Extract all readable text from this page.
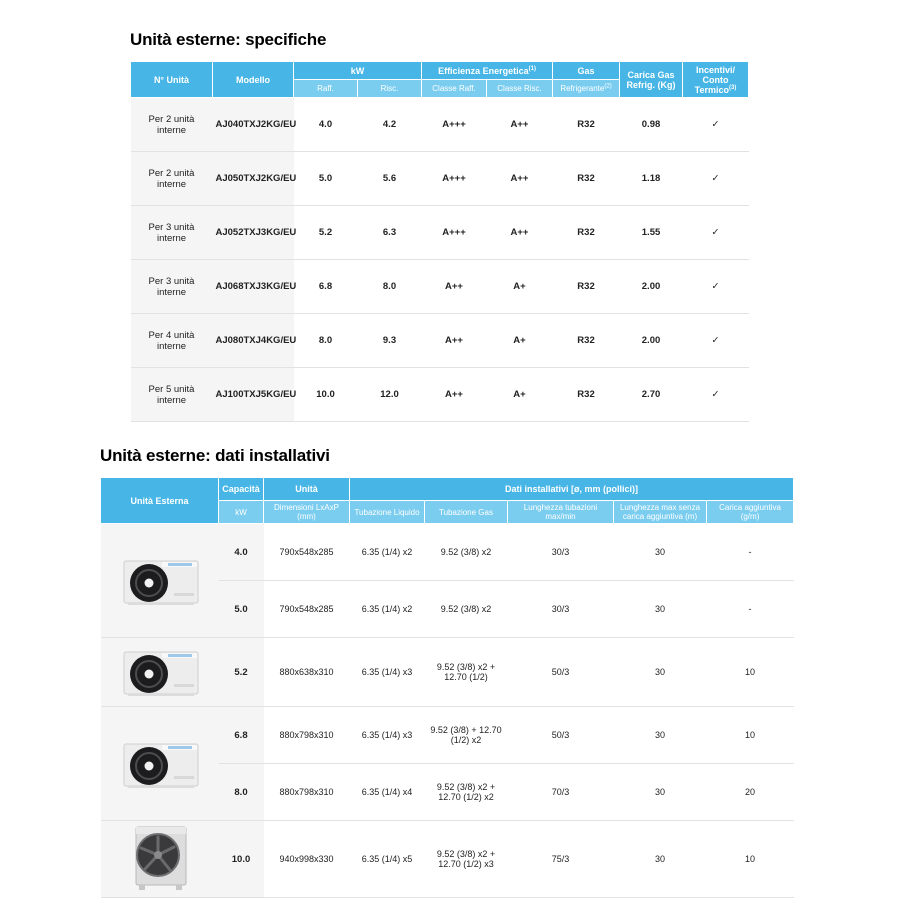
Unità esterne: specifiche
N° Unità	Modello	kW		Efficienza Energetica$^{(1)}$		Gas	Carica Gas
Refrig. (Kg)	Incentivi/
Conto Termico$^{(3)}$
		Raff.	Risc.	Classe Raff.	Classe Risc.	Refrigerante$^{(2)}$
Per 2 unità interne	AJ040TXJ2KG/EU	4.0	4.2	A+++	A++	R32	0.98	✓
Per 2 unità interne	AJ050TXJ2KG/EU	5.0	5.6	A+++	A++	R32	1.18	✓
Per 3 unità interne	AJ052TXJ3KG/EU	5.2	6.3	A+++	A++	R32	1.55	✓
Per 3 unità interne	AJ068TXJ3KG/EU	6.8	8.0	A++	A+	R32	2.00	✓
Per 4 unità interne	AJ080TXJ4KG/EU	8.0	9.3	A++	A+	R32	2.00	✓
Per 5 unità interne	AJ100TXJ5KG/EU	10.0	12.0	A++	A+	R32	2.70	✓
Unità esterne: dati installativi
Unità Esterna	Capacità	Unità	Dati installativi [ø, mm (pollici)]				
	kW	Dimensioni LxAxP (mm)	Tubazione Liquido	Tubazione Gas	Lunghezza tubazioni max/min	Lunghezza max senza carica aggiuntiva (m)	Carica aggiuntiva (g/m)

	4.0	790x548x285	6.35 (1/4) x2	9.52 (3/8) x2	30/3	30	-
	5.0	790x548x285	6.35 (1/4) x2	9.52 (3/8) x2	30/3	30	-

	5.2	880x638x310	6.35 (1/4) x3	9.52 (3/8) x2 + 12.70 (1/2)	50/3	30	10

	6.8	880x798x310	6.35 (1/4) x3	9.52 (3/8) + 12.70 (1/2) x2	50/3	30	10
	8.0	880x798x310	6.35 (1/4) x4	9.52 (3/8) x2 + 12.70 (1/2) x2	70/3	30	20

	10.0	940x998x330	6.35 (1/4) x5	9.52 (3/8) x2 + 12.70 (1/2) x3	75/3	30	10
